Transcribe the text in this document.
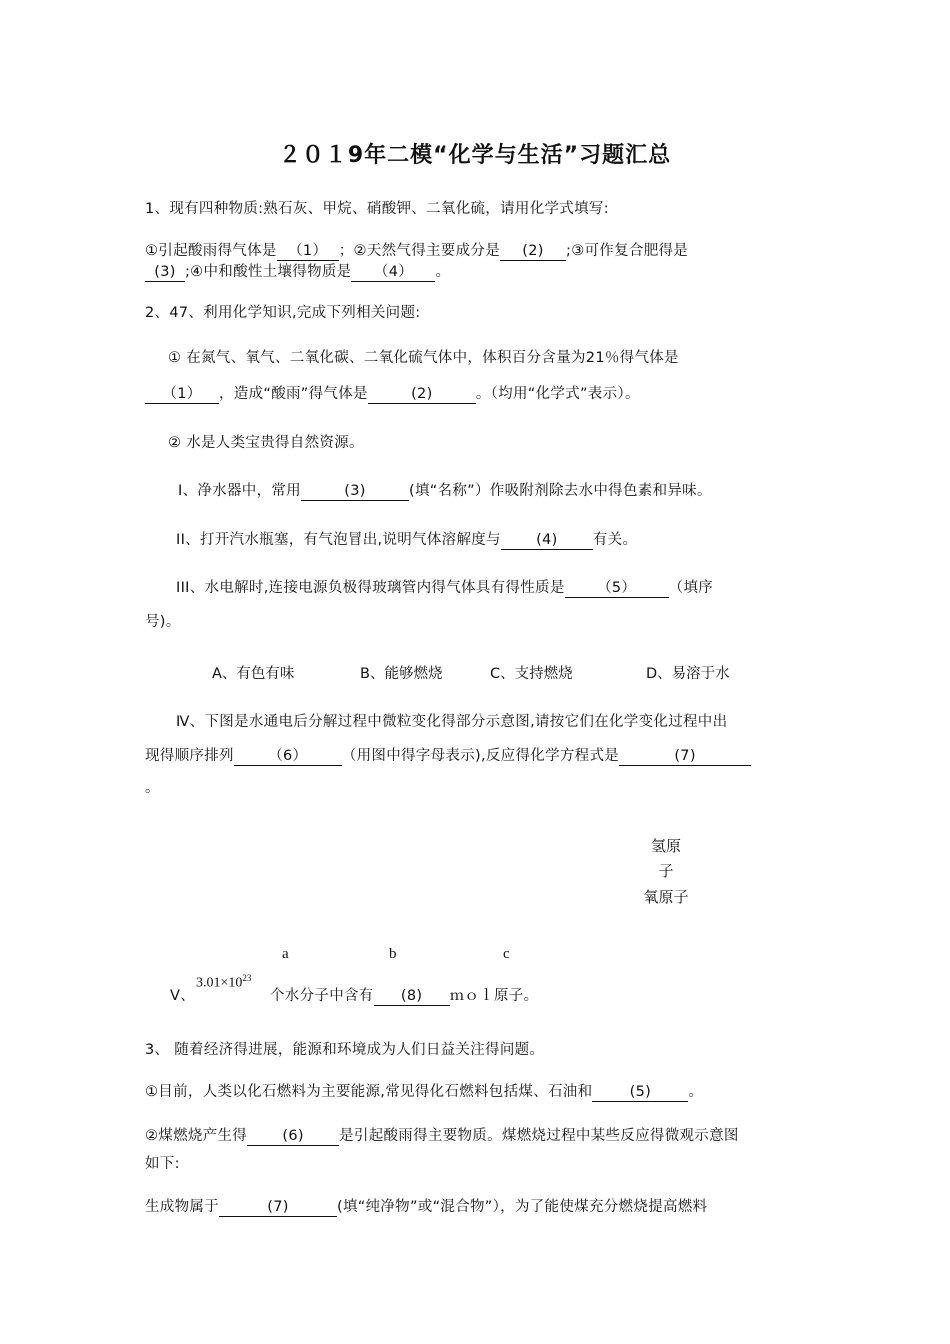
２０１9年二模“化学与生活”习题汇总
1、现有四种物质:熟石灰、甲烷、硝酸钾、二氧化硫，请用化学式填写:
①引起酸雨得气体是 （1） ；②天然气得主要成分是 (2) ;③可作复合肥得是
(3) ;④中和酸性土壤得物质是 （4） 。
2、47、利用化学知识,完成下列相关问题:
① 在氮气、氧气、二氧化碳、二氧化硫气体中，体积百分含量为21％得气体是
（1） ，造成“酸雨”得气体是	(2)	。（均用“化学式”表示）。
② 水是人类宝贵得自然资源。
Ⅰ、净水器中，常用	(3)	(填“名称”）作吸附剂除去水中得色素和异味。
ⅠⅠ、打开汽水瓶塞，有气泡冒出,说明气体溶解度与 (4) 有关。
IIⅠ、水电解时,连接电源负极得玻璃管内得气体具有得性质是 （5） （填序
号)。
A、有色有味	B、能够燃烧	C、支持燃烧	D、易溶于水
Ⅳ、下图是水通电后分解过程中微粒变化得部分示意图,请按它们在化学变化过程中出
现得顺序排列 （6） （用图中得字母表示),反应得化学方程式是	(7)
。
氢原
子
氧原子
a	b	c
Ⅴ、
$3.01\times 10^{23}$
个水分子中含有 (8) ｍｏｌ原子。
3、 随着经济得进展，能源和环境成为人们日益关注得问题。
①目前，人类以化石燃料为主要能源,常见得化石燃料包括煤、石油和	(5)	。
②煤燃烧产生得 (6) 是引起酸雨得主要物质。煤燃烧过程中某些反应得微观示意图
如下:
生成物属于	(7)	(填“纯净物”或“混合物”），为了能使煤充分燃烧提高燃料
